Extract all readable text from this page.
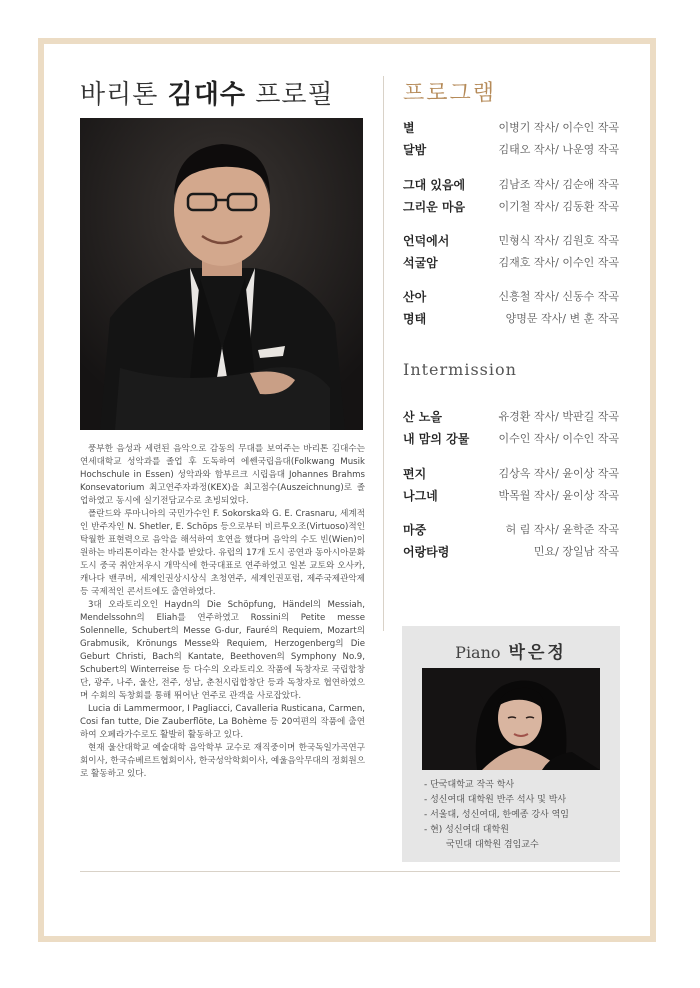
바리톤 김대수 프로필

풍부한 음성과 세련된 음악으로 감동의 무대를 보여주는 바리톤 김대수는 연세대학교 성악과를 졸업 후 도독하여 에쎈국립음대(Folkwang Musik Hochschule in Essen) 성악과와 함부르크 시립음대 Johannes Brahms Konsevatorium 최고연주자과정(KEX)을 최고점수(Auszeichnung)로 졸업하였고 동시에 실기전담교수로 초빙되었다.

폴란드와 루마니아의 국민가수인 F. Sokorska와 G. E. Crasnaru, 세계적인 반주자인 N. Shetler, E. Schöps 등으로부터 비르투오조(Virtuoso)적인 탁월한 표현력으로 음악을 해석하여 호연을 했다며 음악의 수도 빈(Wien)이 원하는 바리톤이라는 찬사를 받았다. 유럽의 17개 도시 공연과 동아시아문화도시 중국 취안저우시 개막식에 한국대표로 연주하였고 일본 교토와 오사카, 캐나다 밴쿠버, 세계인권상시상식 초청연주, 세계인권포럼, 제주국제관악제 등 국제적인 콘서트에도 출연하였다.

3대 오라토리오인 Haydn의 Die Schöpfung, Händel의 Messiah, Mendelssohn의 Eliah를 연주하였고 Rossini의 Petite messe Solennelle, Schubert의 Messe G-dur, Fauré의 Requiem, Mozart의 Grabmusik, Krönungs Messe와 Requiem, Herzogenberg의 Die Geburt Christi, Bach의 Kantate, Beethoven의 Symphony No.9, Schubert의 Winterreise 등 다수의 오라토리오 작품에 독창자로 국립합창단, 광주, 나주, 울산, 전주, 성남, 춘천시립합창단 등과 독창자로 협연하였으며 수회의 독창회를 통해 뛰어난 연주로 관객을 사로잡았다.

Lucia di Lammermoor, I Pagliacci, Cavalleria Rusticana, Carmen, Cosi fan tutte, Die Zauberflöte, La Bohème 등 20여편의 작품에 출연하여 오페라가수로도 활발히 활동하고 있다.

현재 울산대학교 예술대학 음악학부 교수로 재직중이며 한국독일가곡연구회이사, 한국슈베르트협회이사, 한국성악학회이사, 예울음악무대의 정회원으로 활동하고 있다.

프로그램
별	이병기 작사/ 이수인 작곡
달밤	김태오 작사/ 나운영 작곡
그대 있음에	김남조 작사/ 김순애 작곡
그리운 마음	이기철 작사/ 김동환 작곡
언덕에서	민형식 작사/ 김원호 작곡
석굴암	김재호 작사/ 이수인 작곡
산아	신흥철 작사/ 신동수 작곡
명태	양명문 작사/ 변 훈 작곡
Intermission
산 노을	유경환 작사/ 박판길 작곡
내 맘의 강물	이수인 작사/ 이수인 작곡
편지	김상옥 작사/ 윤이상 작곡
나그네	박목월 작사/ 윤이상 작곡
마중	허 림 작사/ 윤학준 작곡
어랑타령	민요/ 장일남 작곡
Piano 박은정
- 단국대학교 작곡 학사
- 성신여대 대학원 반주 석사 및 박사
- 서울대, 성신여대, 한예종 강사 역임
- 현) 성신여대 대학원
국민대 대학원 겸임교수
